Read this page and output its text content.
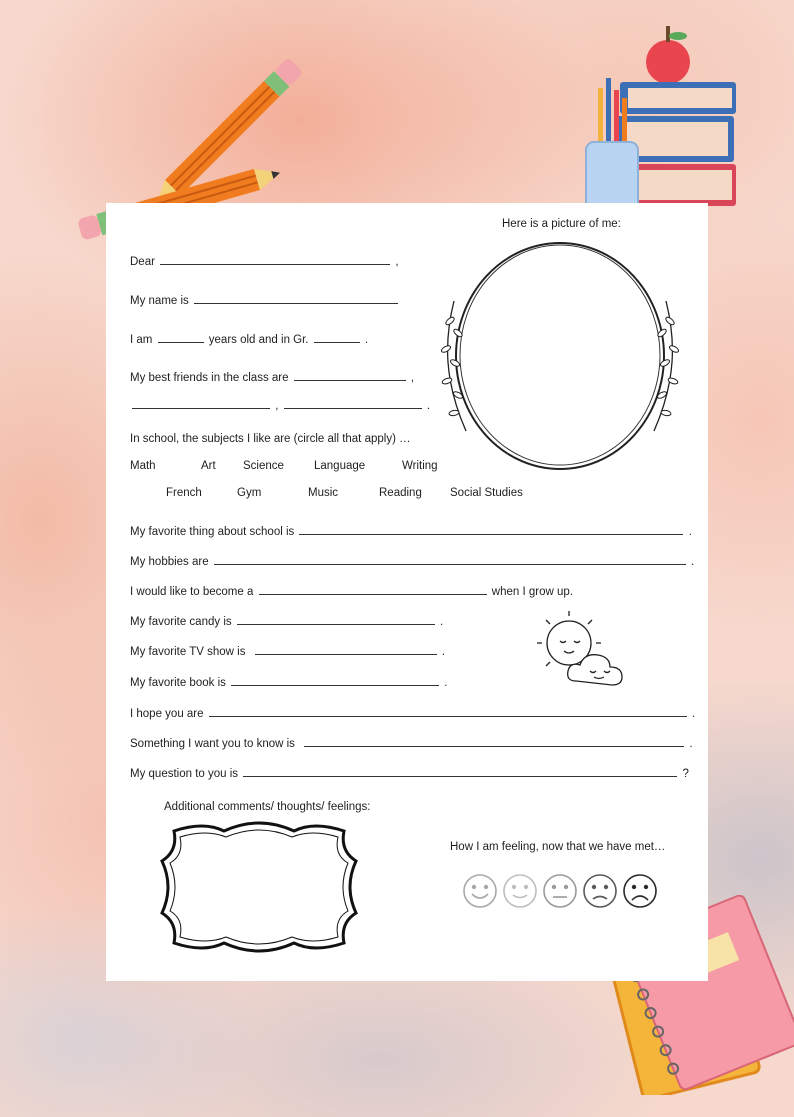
Here is a picture of me:
Dear	,
My name is
I am	years old and in Gr.	.
My best friends in the class are	,
,	.
In school, the subjects I like are (circle all that apply) …
Math	Art Science	Language	Writing
French	Gym	Music	Reading Social Studies
My favorite thing about school is	.
My hobbies are	.
I would like to become a	when I grow up.
My favorite candy is	.
My favorite TV show is	.
My favorite book is	.
I hope you are	.
Something I want you to know is	.
My question to you is	?
Additional comments/ thoughts/ feelings:
How I am feeling, now that we have met…
